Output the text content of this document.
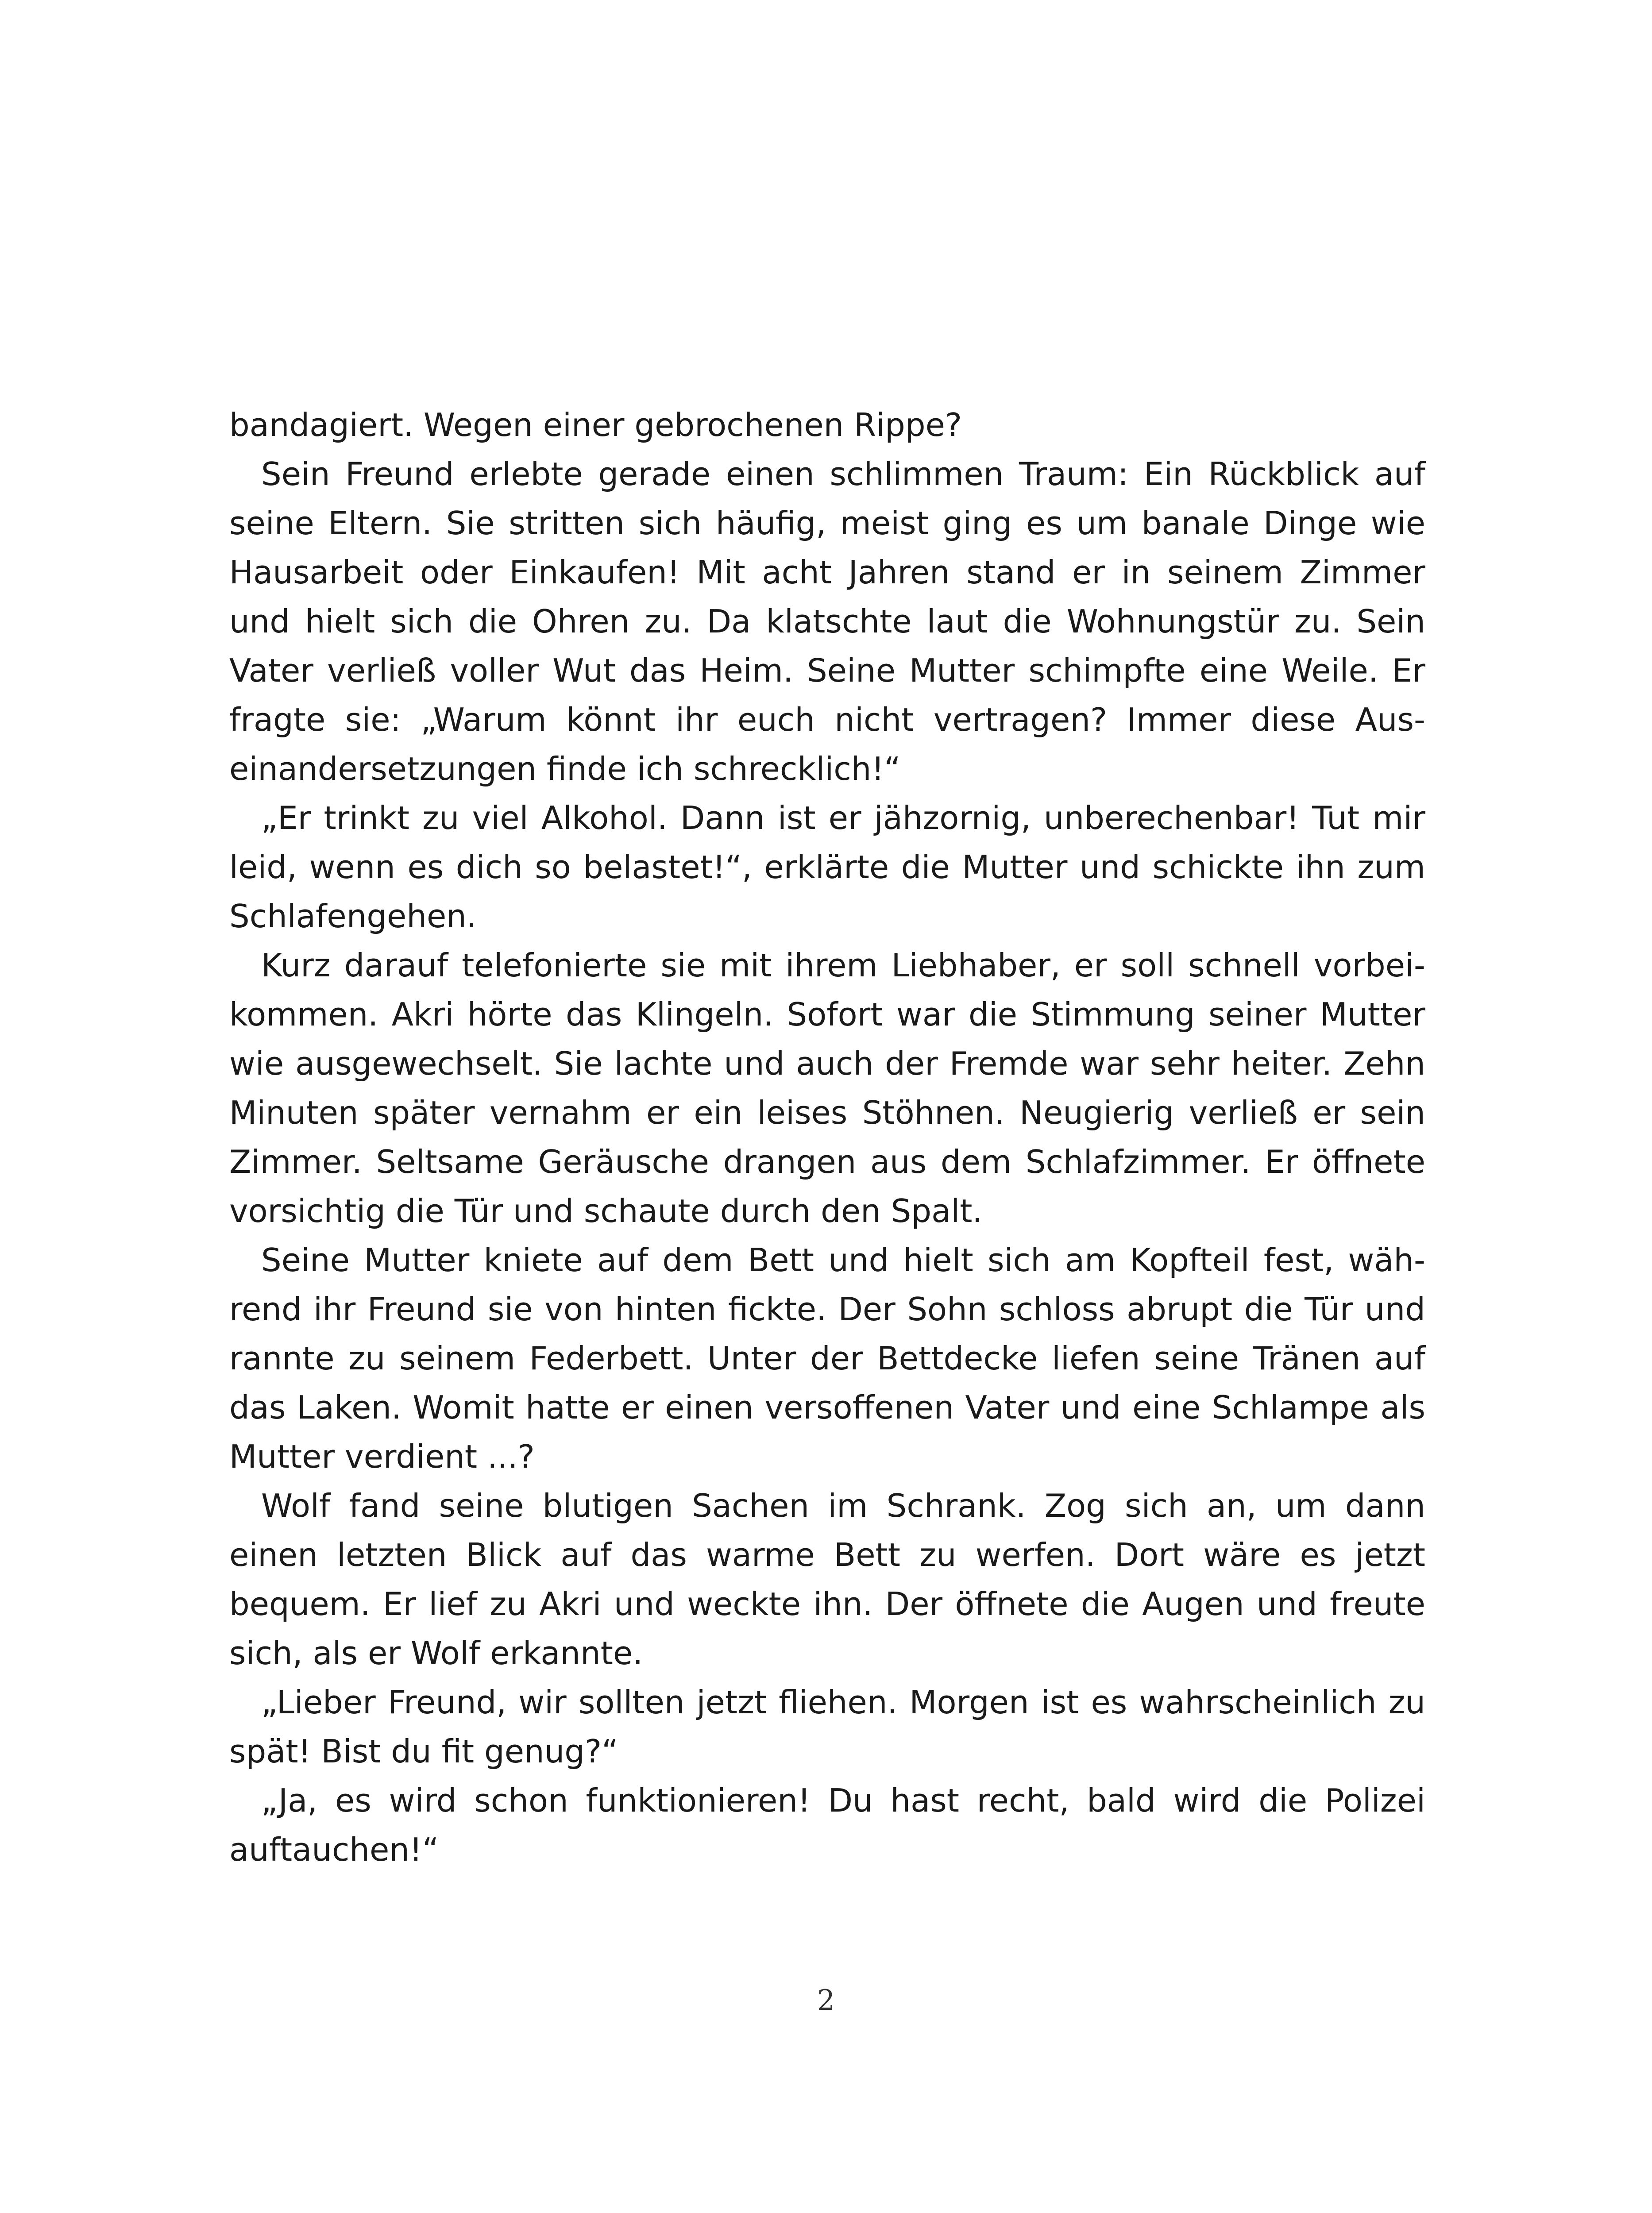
bandagiert. Wegen einer gebrochenen Rippe?

Sein Freund erlebte gerade einen schlimmen Traum: Ein Rückblick auf seine Eltern. Sie stritten sich häufig, meist ging es um banale Dinge wie Hausarbeit oder Einkaufen! Mit acht Jahren stand er in seinem Zimmer und hielt sich die Ohren zu. Da klatschte laut die Wohnungstür zu. Sein Vater verließ voller Wut das Heim. Seine Mutter schimpfte eine Weile. Er fragte sie: „Warum könnt ihr euch nicht vertragen? Immer diese Auseinandersetzungen finde ich schrecklich!“

„Er trinkt zu viel Alkohol. Dann ist er jähzornig, unberechenbar! Tut mir leid, wenn es dich so belastet!“, erklärte die Mutter und schickte ihn zum Schlafengehen.

Kurz darauf telefonierte sie mit ihrem Liebhaber, er soll schnell vorbeikommen. Akri hörte das Klingeln. Sofort war die Stimmung seiner Mutter wie ausgewechselt. Sie lachte und auch der Fremde war sehr heiter. Zehn Minuten später vernahm er ein leises Stöhnen. Neugierig verließ er sein Zimmer. Seltsame Geräusche drangen aus dem Schlafzimmer. Er öffnete vorsichtig die Tür und schaute durch den Spalt.

Seine Mutter kniete auf dem Bett und hielt sich am Kopfteil fest, während ihr Freund sie von hinten fickte. Der Sohn schloss abrupt die Tür und rannte zu seinem Federbett. Unter der Bettdecke liefen seine Tränen auf das Laken. Womit hatte er einen versoffenen Vater und eine Schlampe als Mutter verdient ...?

Wolf fand seine blutigen Sachen im Schrank. Zog sich an, um dann einen letzten Blick auf das warme Bett zu werfen. Dort wäre es jetzt bequem. Er lief zu Akri und weckte ihn. Der öffnete die Augen und freute sich, als er Wolf erkannte.

„Lieber Freund, wir sollten jetzt fliehen. Morgen ist es wahrscheinlich zu spät! Bist du fit genug?“

„Ja, es wird schon funktionieren! Du hast recht, bald wird die Polizei auftauchen!“

2
